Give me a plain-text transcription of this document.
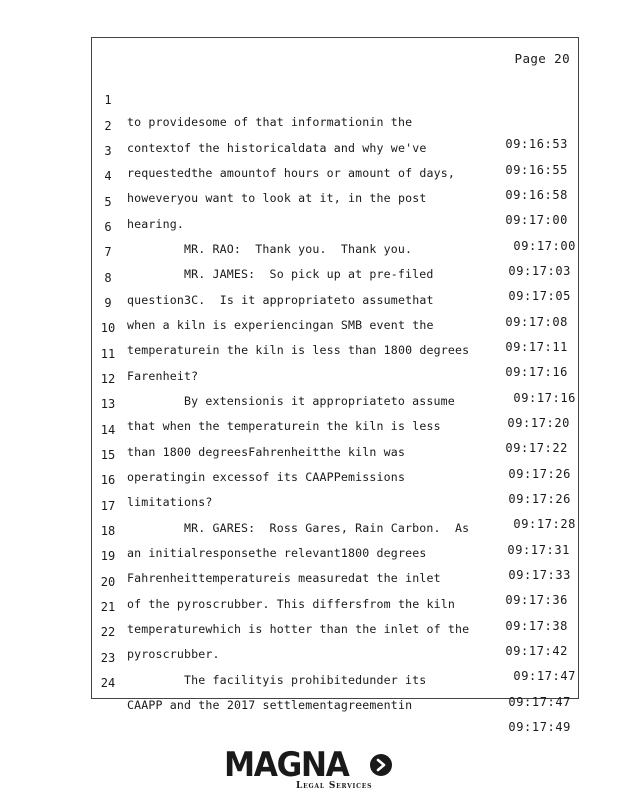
Page 20

1

to providesome of that informationin the

09:16:53

2

contextof the historicaldata and why we've

09:16:55

3

requestedthe amountof hours or amount of days,

09:16:58

4

howeveryou want to look at it, in the post

09:17:00

5

hearing.

09:17:00

6

MR. RAO:  Thank you.  Thank you.

09:17:03

7

MR. JAMES:  So pick up at pre-filed

09:17:05

8

question3C.  Is it appropriateto assumethat

09:17:08

9

when a kiln is experiencingan SMB event the

09:17:11

10

temperaturein the kiln is less than 1800 degrees

09:17:16

11

Farenheit?

09:17:16

12

By extensionis it appropriateto assume

09:17:20

13

that when the temperaturein the kiln is less

09:17:22

14

than 1800 degreesFahrenheitthe kiln was

09:17:26

15

operatingin excessof its CAAPPemissions

09:17:26

16

limitations?

09:17:28

17

MR. GARES:  Ross Gares, Rain Carbon.  As

09:17:31

18

an initialresponsethe relevant1800 degrees

09:17:33

19

Fahrenheittemperatureis measuredat the inlet

09:17:36

20

of the pyroscrubber. This differsfrom the kiln

09:17:38

21

temperaturewhich is hotter than the inlet of the

09:17:42

22

pyroscrubber.

09:17:47

23

The facilityis prohibitedunder its

09:17:47

24

CAAPP and the 2017 settlementagreementin

09:17:49

MAGNA
Legal Services
